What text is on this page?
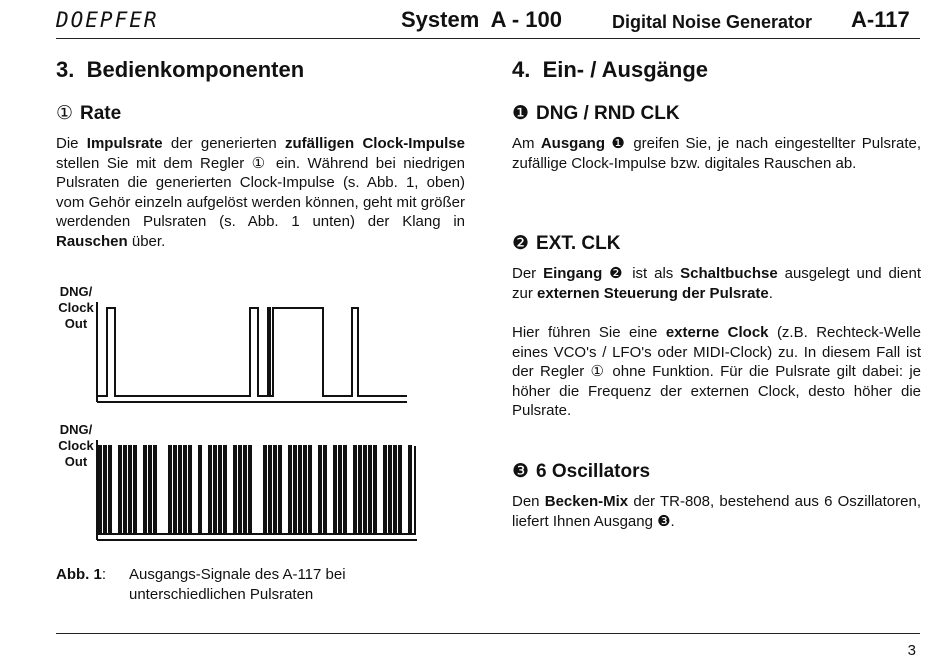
DOEPFER	System  A - 100	Digital Noise Generator A-117
3.  Bedienkomponenten
① Rate
Die Impulsrate der generierten zufälligen Clock-Impulse stellen Sie mit dem Regler ① ein. Während bei niedrigen Pulsraten die generierten Clock-Impulse (s. Abb. 1, oben) vom Gehör einzeln aufgelöst werden können, geht mit größer werdenden Pulsraten (s. Abb. 1 unten) der Klang in Rauschen über.
DNG/ Clock Out
DNG/ Clock Out
Abb. 1: Ausgangs-Signale des A-117 bei unterschiedlichen Pulsraten
4.  Ein- / Ausgänge
❶ DNG / RND CLK
Am Ausgang ❶ greifen Sie, je nach eingestellter Pulsrate, zufällige Clock-Impulse bzw. digitales Rauschen ab.
❷ EXT. CLK
Der Eingang ❷ ist als Schaltbuchse ausgelegt und dient zur externen Steuerung der Pulsrate.
Hier führen Sie eine externe Clock (z.B. Rechteck-Welle eines VCO's / LFO's oder MIDI-Clock) zu. In diesem Fall ist der Regler ① ohne Funktion. Für die Pulsrate gilt dabei: je höher die Frequenz der externen Clock, desto höher die Pulsrate.
❸ 6 Oscillators
Den Becken-Mix der TR-808, bestehend aus 6 Oszillatoren, liefert Ihnen Ausgang ❸.
3
